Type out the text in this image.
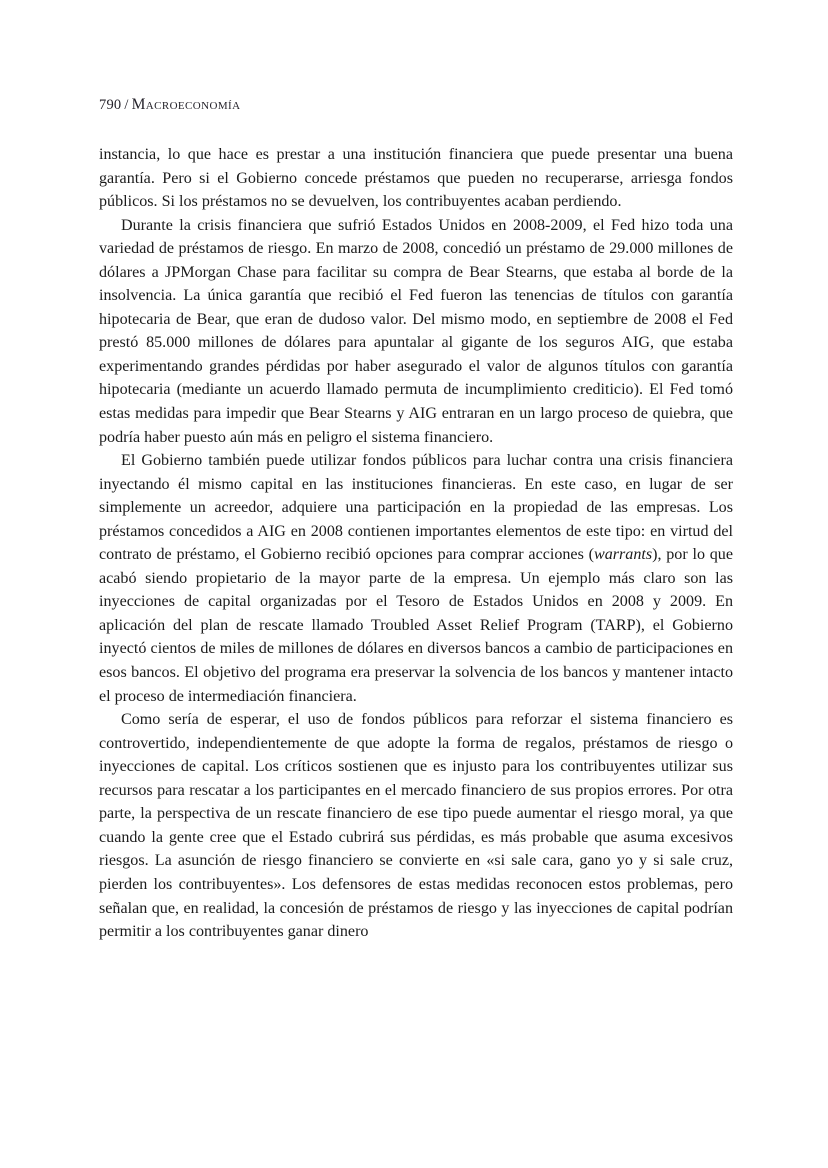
790 / Macroeconomía

instancia, lo que hace es prestar a una institución financiera que puede presentar una buena garantía. Pero si el Gobierno concede préstamos que pueden no recuperarse, arriesga fondos públicos. Si los préstamos no se devuelven, los contribuyentes acaban perdiendo.

Durante la crisis financiera que sufrió Estados Unidos en 2008-2009, el Fed hizo toda una variedad de préstamos de riesgo. En marzo de 2008, concedió un préstamo de 29.000 millones de dólares a JPMorgan Chase para facilitar su compra de Bear Stearns, que estaba al borde de la insolvencia. La única garantía que recibió el Fed fueron las tenencias de títulos con garantía hipotecaria de Bear, que eran de dudoso valor. Del mismo modo, en septiembre de 2008 el Fed prestó 85.000 millones de dólares para apuntalar al gigante de los seguros AIG, que estaba experimentando grandes pérdidas por haber asegurado el valor de algunos títulos con garantía hipotecaria (mediante un acuerdo llamado permuta de incumplimiento crediticio). El Fed tomó estas medidas para impedir que Bear Stearns y AIG entraran en un largo proceso de quiebra, que podría haber puesto aún más en peligro el sistema financiero.

El Gobierno también puede utilizar fondos públicos para luchar contra una crisis financiera inyectando él mismo capital en las instituciones financieras. En este caso, en lugar de ser simplemente un acreedor, adquiere una participación en la propiedad de las empresas. Los préstamos concedidos a AIG en 2008 contienen importantes elementos de este tipo: en virtud del contrato de préstamo, el Gobierno recibió opciones para comprar acciones (warrants), por lo que acabó siendo propietario de la mayor parte de la empresa. Un ejemplo más claro son las inyecciones de capital organizadas por el Tesoro de Estados Unidos en 2008 y 2009. En aplicación del plan de rescate llamado Troubled Asset Relief Program (TARP), el Gobierno inyectó cientos de miles de millones de dólares en diversos bancos a cambio de participaciones en esos bancos. El objetivo del programa era preservar la solvencia de los bancos y mantener intacto el proceso de intermediación financiera.

Como sería de esperar, el uso de fondos públicos para reforzar el sistema financiero es controvertido, independientemente de que adopte la forma de regalos, préstamos de riesgo o inyecciones de capital. Los críticos sostienen que es injusto para los contribuyentes utilizar sus recursos para rescatar a los participantes en el mercado financiero de sus propios errores. Por otra parte, la perspectiva de un rescate financiero de ese tipo puede aumentar el riesgo moral, ya que cuando la gente cree que el Estado cubrirá sus pérdidas, es más probable que asuma excesivos riesgos. La asunción de riesgo financiero se convierte en «si sale cara, gano yo y si sale cruz, pierden los contribuyentes». Los defensores de estas medidas reconocen estos problemas, pero señalan que, en realidad, la concesión de préstamos de riesgo y las inyecciones de capital podrían permitir a los contribuyentes ganar dinero
